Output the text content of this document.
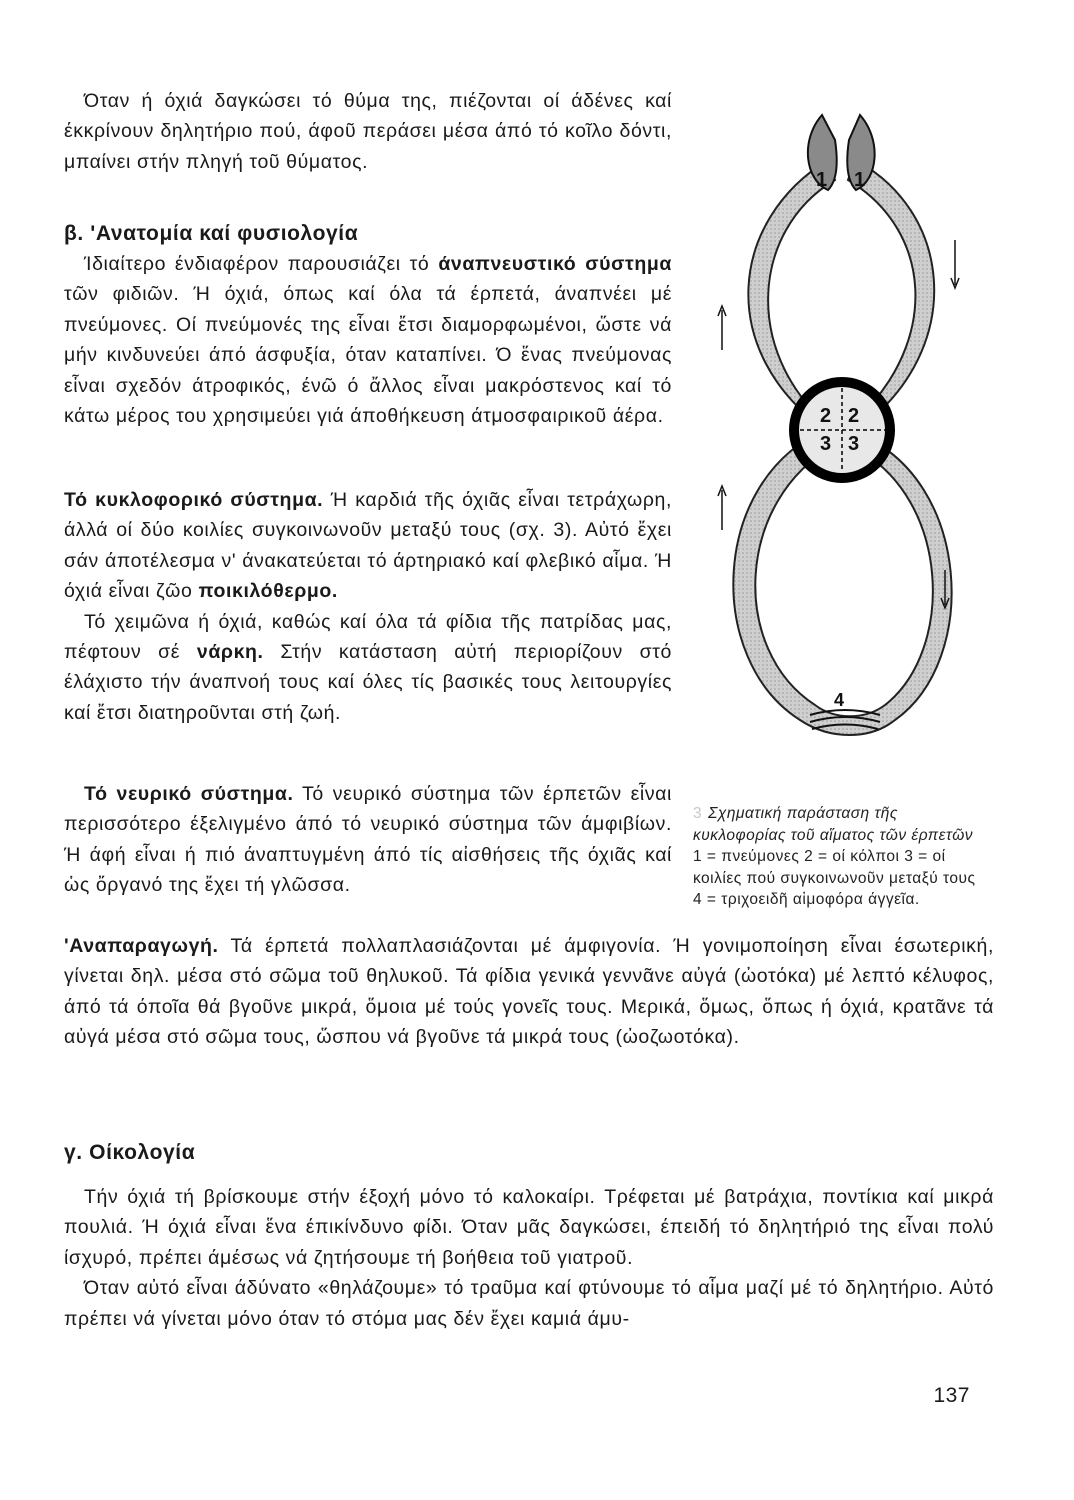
Όταν ή όχιά δαγκώσει τό θύμα της, πιέζονται οί άδένες καί έκκρίνουν δηλητήριο πού, άφοῦ περάσει μέσα άπό τό κοῖλο δόντι, μπαίνει στήν πληγή τοῦ θύματος.

β. 'Ανατομία καί φυσιολογία

Ίδιαίτερο ένδιαφέρον παρουσιάζει τό άναπνευστικό σύστημα τῶν φιδιῶν. Ή όχιά, όπως καί όλα τά έρπετά, άναπνέει μέ πνεύμονες. Οί πνεύμονές της εἶναι ἔτσι διαμορφωμένοι, ὥστε νά μήν κινδυνεύει άπό άσφυξία, όταν καταπίνει. Ό ἕνας πνεύμονας εἶναι σχεδόν άτροφικός, ένῶ ό ἄλλος εἶναι μακρόστενος καί τό κάτω μέρος του χρησιμεύει γιά άποθήκευση άτμοσφαιρικοῦ άέρα.

Τό κυκλοφορικό σύστημα. Ή καρδιά τῆς όχιᾶς εἶναι τετράχωρη, άλλά οί δύο κοιλίες συγκοινωνοῦν μεταξύ τους (σχ. 3). Αὐτό ἔχει σάν άποτέλεσμα ν' άνακατεύεται τό άρτηριακό καί φλεβικό αἷμα. Ή όχιά εἶναι ζῶο ποικιλόθερμο.

Τό χειμῶνα ή όχιά, καθώς καί όλα τά φίδια τῆς πατρίδας μας, πέφτουν σέ νάρκη. Στήν κατάσταση αὐτή περιορίζουν στό έλάχιστο τήν άναπνοή τους καί όλες τίς βασικές τους λειτουργίες καί ἔτσι διατηροῦνται στή ζωή.

Τό νευρικό σύστημα. Τό νευρικό σύστημα τῶν έρπετῶν εἶναι περισσότερο έξελιγμένο άπό τό νευρικό σύστημα τῶν άμφιβίων. Ή άφή εἶναι ή πιό άναπτυγμένη άπό τίς αἰσθήσεις τῆς όχιᾶς καί ὡς ὄργανό της ἔχει τή γλῶσσα.

'Αναπαραγωγή. Τά έρπετά πολλαπλασιάζονται μέ άμφιγονία. Ή γονιμοποίηση εἶναι έσωτερική, γίνεται δηλ. μέσα στό σῶμα τοῦ θηλυκοῦ. Τά φίδια γενικά γεννᾶνε αὐγά (ὠοτόκα) μέ λεπτό κέλυφος, άπό τά όποῖα θά βγοῦνε μικρά, ὅμοια μέ τούς γονεῖς τους. Μερικά, ὅμως, ὅπως ή όχιά, κρατᾶνε τά αὐγά μέσα στό σῶμα τους, ὥσπου νά βγοῦνε τά μικρά τους (ὠοζωοτόκα).

γ. Οίκολογία

Τήν όχιά τή βρίσκουμε στήν έξοχή μόνο τό καλοκαίρι. Τρέφεται μέ βατράχια, ποντίκια καί μικρά πουλιά. Ή όχιά εἶναι ἕνα έπικίνδυνο φίδι. Όταν μᾶς δαγκώσει, έπειδή τό δηλητήριό της εἶναι πολύ ίσχυρό, πρέπει άμέσως νά ζητήσουμε τή βοήθεια τοῦ γιατροῦ.

Όταν αὐτό εἶναι άδύνατο «θηλάζουμε» τό τραῦμα καί φτύνουμε τό αἷμα μαζί μέ τό δηλητήριο. Αὐτό πρέπει νά γίνεται μόνο όταν τό στόμα μας δέν ἔχει καμιά άμυ-

1 1
2 2
3 3
4
3 Σχηματική παράσταση τῆς κυκλοφορίας τοῦ αἵματος τῶν έρπετῶν
1 = πνεύμονες 2 = οί κόλποι 3 = οί κοιλίες πού συγκοινωνοῦν μεταξύ τους 4 = τριχοειδῆ αἱμοφόρα άγγεῖα.
137
